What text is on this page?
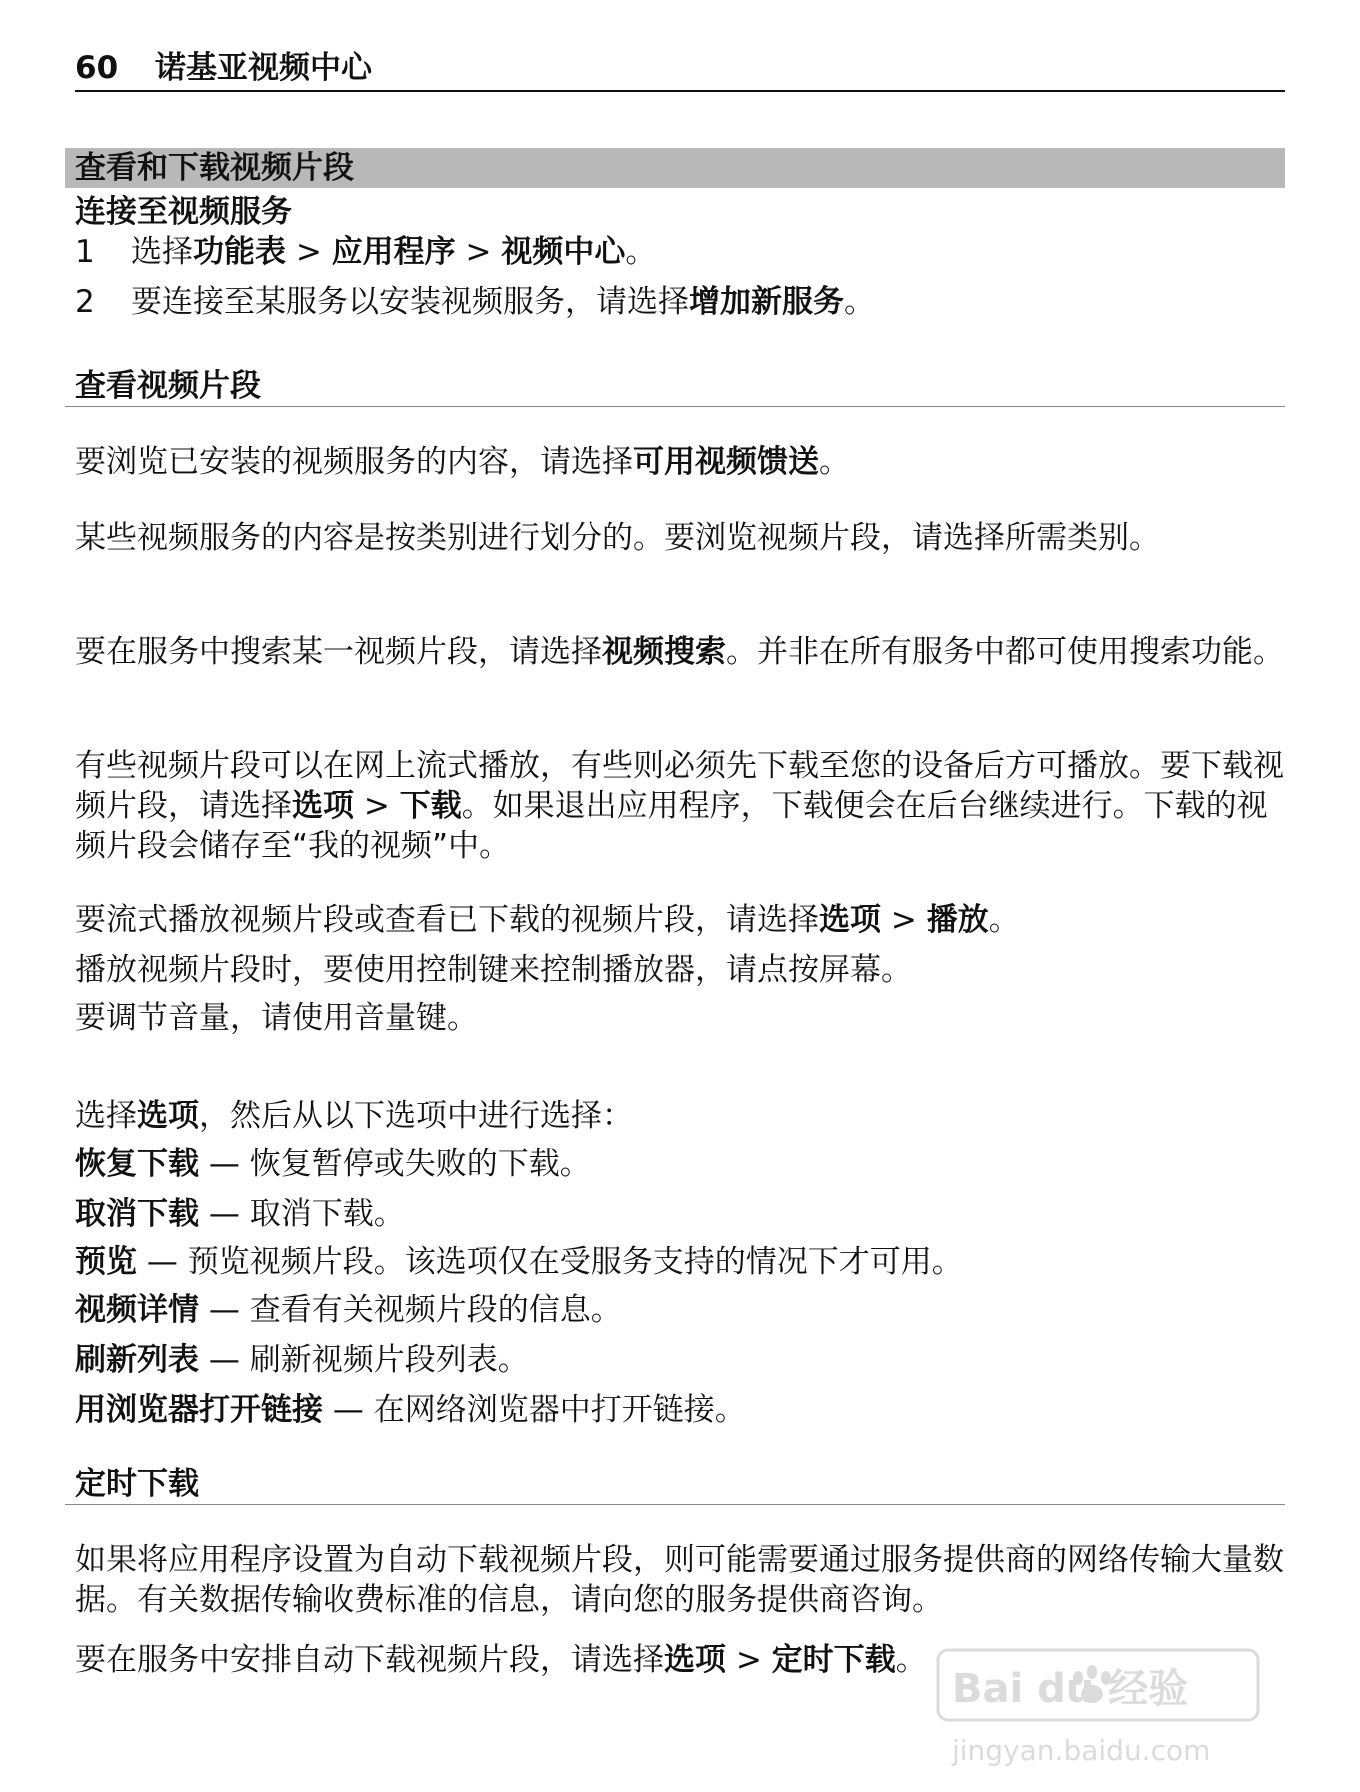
60 诺基亚视频中心
查看和下载视频片段
连接至视频服务
1 选择功能表 > 应用程序 > 视频中心。
2 要连接至某服务以安装视频服务，请选择增加新服务。
查看视频片段
要浏览已安装的视频服务的内容，请选择可用视频馈送。
某些视频服务的内容是按类别进行划分的。要浏览视频片段，请选择所需类别。
要在服务中搜索某一视频片段，请选择视频搜索。并非在所有服务中都可使用搜索功能。
有些视频片段可以在网上流式播放，有些则必须先下载至您的设备后方可播放。要下载视频片段，请选择选项 > 下载。如果退出应用程序，下载便会在后台继续进行。下载的视频片段会储存至“我的视频”中。
要流式播放视频片段或查看已下载的视频片段，请选择选项 > 播放。
播放视频片段时，要使用控制键来控制播放器，请点按屏幕。
要调节音量，请使用音量键。
选择选项，然后从以下选项中进行选择：
恢复下载 — 恢复暂停或失败的下载。
取消下载 — 取消下载。
预览 — 预览视频片段。该选项仅在受服务支持的情况下才可用。
视频详情 — 查看有关视频片段的信息。
刷新列表 — 刷新视频片段列表。
用浏览器打开链接 — 在网络浏览器中打开链接。
定时下载
如果将应用程序设置为自动下载视频片段，则可能需要通过服务提供商的网络传输大量数据。有关数据传输收费标准的信息，请向您的服务提供商咨询。
要在服务中安排自动下载视频片段，请选择选项 > 定时下载。
Bai du 经验
jingyan.baidu.com
